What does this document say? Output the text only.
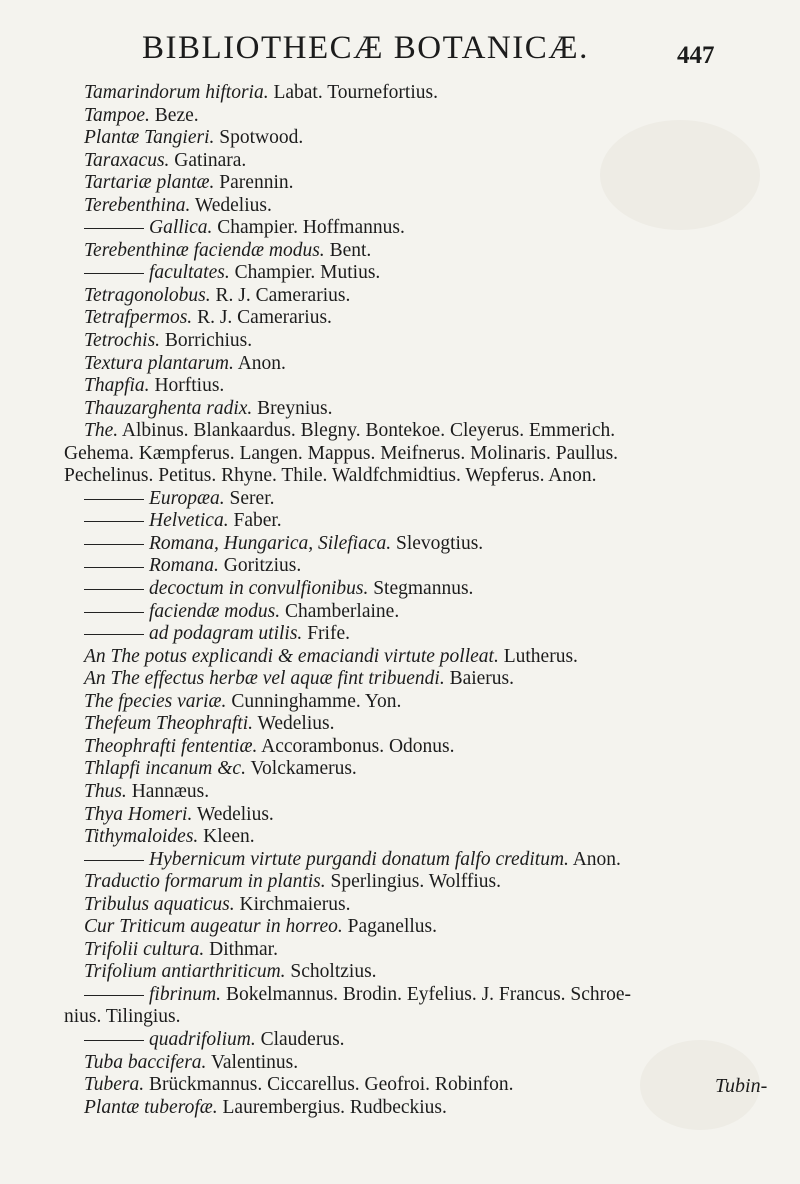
BIBLIOTHECÆ BOTANICÆ.	447
Tamarindorum hiftoria. Labat. Tournefortius.
Tampoe. Beze.
Plantæ Tangieri. Spotwood.
Taraxacus. Gatinara.
Tartariæ plantæ. Parennin.
Terebenthina. Wedelius.
Gallica. Champier. Hoffmannus.
Terebenthinæ faciendæ modus. Bent.
facultates. Champier. Mutius.
Tetragonolobus. R. J. Camerarius.
Tetrafpermos. R. J. Camerarius.
Tetrochis. Borrichius.
Textura plantarum. Anon.
Thapfia. Horftius.
Thauzarghenta radix. Breynius.
The. Albinus. Blankaardus. Blegny. Bontekoe. Cleyerus. Emmerich.
Gehema. Kæmpferus. Langen. Mappus. Meifnerus. Molinaris. Paullus.
Pechelinus. Petitus. Rhyne. Thile. Waldfchmidtius. Wepferus. Anon.
Europæa. Serer.
Helvetica. Faber.
Romana, Hungarica, Silefiaca. Slevogtius.
Romana. Goritzius.
decoctum in convulfionibus. Stegmannus.
faciendæ modus. Chamberlaine.
ad podagram utilis. Frife.
An The potus explicandi & emaciandi virtute polleat. Lutherus.
An The effectus herbæ vel aquæ fint tribuendi. Baierus.
The fpecies variæ. Cunninghamme. Yon.
Thefeum Theophrafti. Wedelius.
Theophrafti fententiæ. Accorambonus. Odonus.
Thlapfi incanum &c. Volckamerus.
Thus. Hannæus.
Thya Homeri. Wedelius.
Tithymaloides. Kleen.
Hybernicum virtute purgandi donatum falfo creditum. Anon.
Traductio formarum in plantis. Sperlingius. Wolffius.
Tribulus aquaticus. Kirchmaierus.
Cur Triticum augeatur in horreo. Paganellus.
Trifolii cultura. Dithmar.
Trifolium antiarthriticum. Scholtzius.
fibrinum. Bokelmannus. Brodin. Eyfelius. J. Francus. Schroe-
nius. Tilingius.
quadrifolium. Clauderus.
Tuba baccifera. Valentinus.
Tubera. Brückmannus. Ciccarellus. Geofroi. Robinfon.
Plantæ tuberofæ. Laurembergius. Rudbeckius.
Tubin-
